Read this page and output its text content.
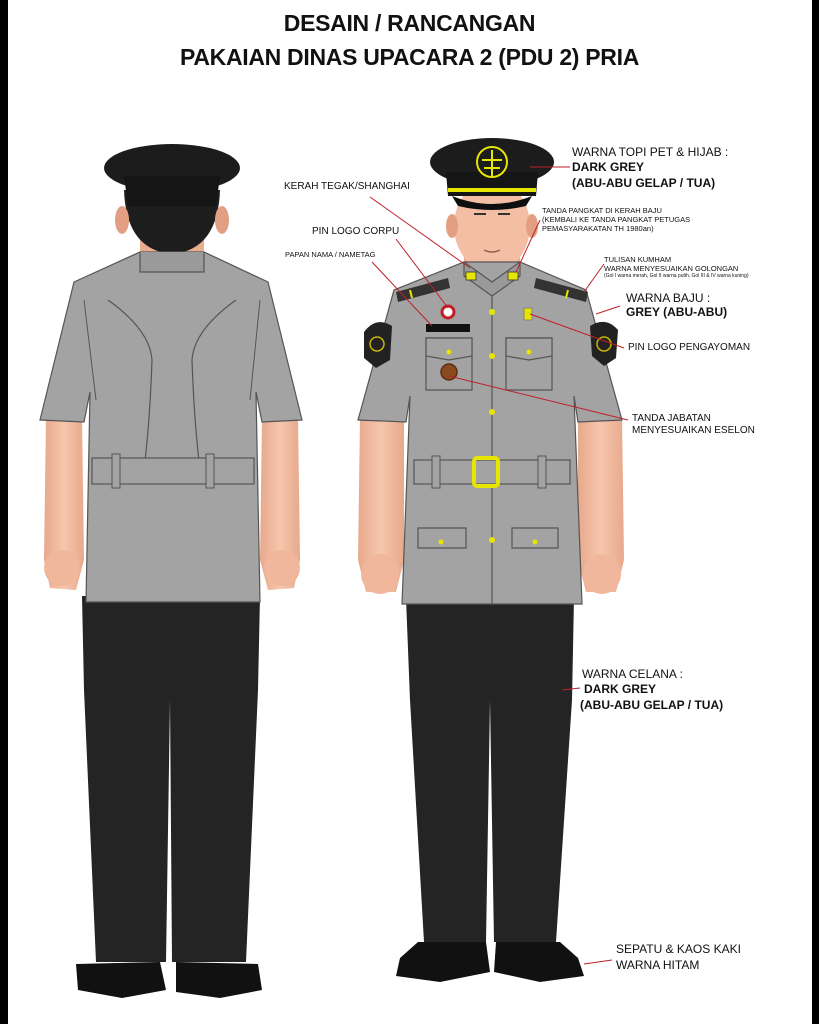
DESAIN / RANCANGAN
PAKAIAN DINAS UPACARA 2 (PDU 2) PRIA
KERAH TEGAK/SHANGHAI
PIN LOGO CORPU
PAPAN NAMA / NAMETAG
WARNA TOPI PET & HIJAB :
DARK GREY
(ABU-ABU GELAP / TUA)
TANDA PANGKAT DI KERAH BAJU
(KEMBALI KE TANDA PANGKAT PETUGAS
PEMASYARAKATAN TH 1980an)
TULISAN KUMHAM
WARNA MENYESUAIKAN GOLONGAN
(Gol I warna merah, Gol II warna putih, Gol III & IV warna kuning)
WARNA BAJU :
GREY (ABU-ABU)
PIN LOGO PENGAYOMAN
TANDA JABATAN
MENYESUAIKAN ESELON
WARNA CELANA :
DARK GREY
(ABU-ABU GELAP / TUA)
SEPATU & KAOS KAKI
WARNA HITAM
